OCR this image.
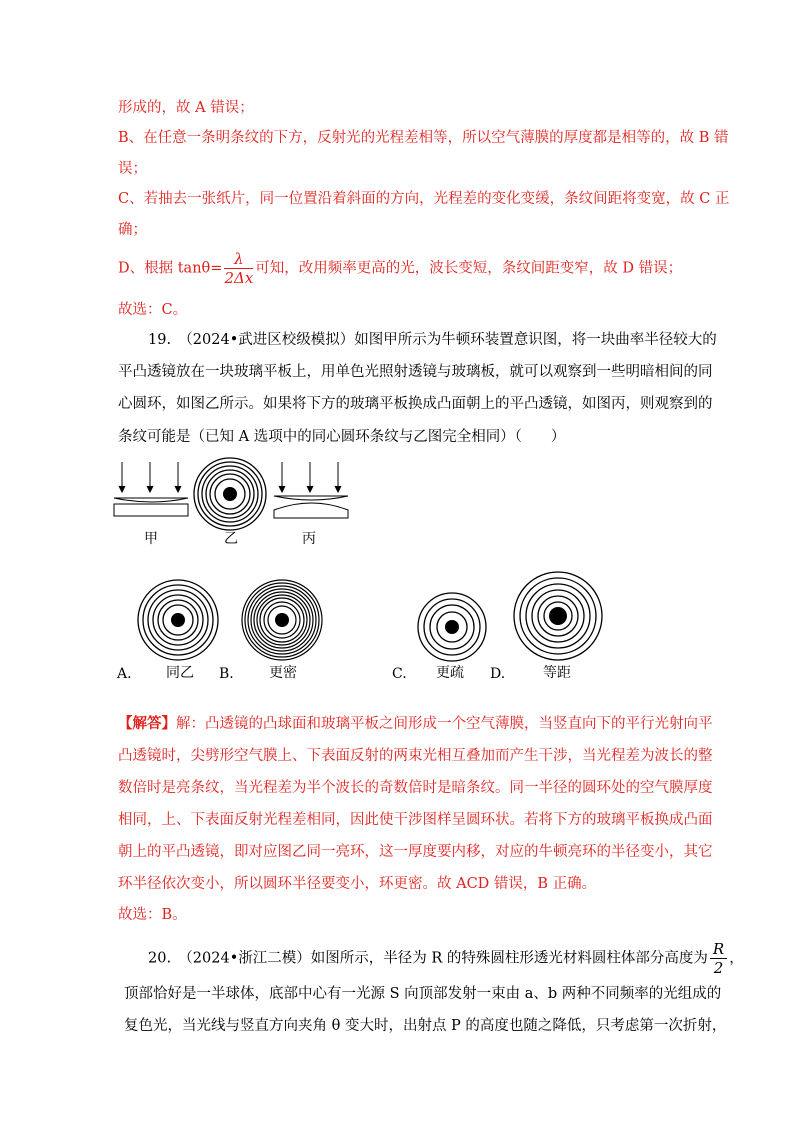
形成的，故 A 错误；
B、在任意一条明条纹的下方，反射光的光程差相等，所以空气薄膜的厚度都是相等的，故 B 错
误；
C、若抽去一张纸片，同一位置沿着斜面的方向，光程差的变化变缓，条纹间距将变宽，故 C 正
确；
D、根据 $\tan\theta= \frac{\lambda}{2\Delta x}$ 可知，改用频率更高的光，波长变短，条纹间距变窄，故 D 错误；
故选：C。
19.　（2024•武进区校级模拟）如图甲所示为牛顿环装置意识图，将一块曲率半径较大的
平凸透镜放在一块玻璃平板上，用单色光照射透镜与玻璃板，就可以观察到一些明暗相间的同
心圆环，如图乙所示。如果将下方的玻璃平板换成凸面朝上的平凸透镜，如图丙，则观察到的
条纹可能是（已知 A 选项中的同心圆环条纹与乙图完全相同）（　　）
甲	乙	丙
A. 同乙 B.	更密	C. 更疏 D.	等距
【解答】解：凸透镜的凸球面和玻璃平板之间形成一个空气薄膜，当竖直向下的平行光射向平
凸透镜时，尖劈形空气膜上、下表面反射的两束光相互叠加而产生干涉，当光程差为波长的整
数倍时是亮条纹，当光程差为半个波长的奇数倍时是暗条纹。同一半径的圆环处的空气膜厚度
相同，上、下表面反射光程差相同，因此使干涉图样呈圆环状。若将下方的玻璃平板换成凸面
朝上的平凸透镜，即对应图乙同一亮环，这一厚度要内移，对应的牛顿亮环的半径变小，其它
环半径依次变小，所以圆环半径要变小，环更密。故 ACD 错误，B 正确。
故选：B。
20.　（2024•浙江二模）如图所示，半径为 R 的特殊圆柱形透光材料圆柱体部分高度为 $\frac{R}{2}$ ，
顶部恰好是一半球体，底部中心有一光源 S 向顶部发射一束由 a、b 两种不同频率的光组成的
复色光，当光线与竖直方向夹角 θ 变大时，出射点 P 的高度也随之降低，只考虑第一次折射，
